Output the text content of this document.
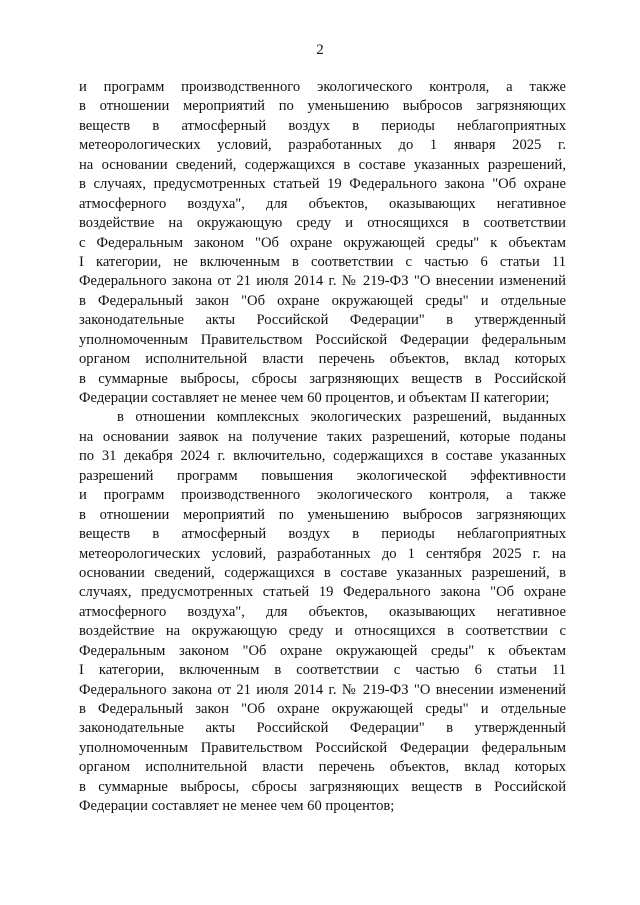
2
и программ производственного экологического контроля, а также
в отношении мероприятий по уменьшению выбросов загрязняющих
веществ в атмосферный воздух в периоды неблагоприятных
метеорологических условий, разработанных до 1 января 2025 г.
на основании сведений, содержащихся в составе указанных разрешений,
в случаях, предусмотренных статьей 19 Федерального закона "Об охране
атмосферного воздуха", для объектов, оказывающих негативное
воздействие на окружающую среду и относящихся в соответствии
с Федеральным законом "Об охране окружающей среды" к объектам
I категории, не включенным в соответствии с частью 6 статьи 11
Федерального закона от 21 июля 2014 г. № 219-ФЗ "О внесении изменений
в Федеральный закон "Об охране окружающей среды" и отдельные
законодательные акты Российской Федерации" в утвержденный
уполномоченным Правительством Российской Федерации федеральным
органом исполнительной власти перечень объектов, вклад которых
в суммарные выбросы, сбросы загрязняющих веществ в Российской
Федерации составляет не менее чем 60 процентов, и объектам II категории;
в отношении комплексных экологических разрешений, выданных
на основании заявок на получение таких разрешений, которые поданы
по 31 декабря 2024 г. включительно, содержащихся в составе указанных
разрешений программ повышения экологической эффективности
и программ производственного экологического контроля, а также
в отношении мероприятий по уменьшению выбросов загрязняющих
веществ в атмосферный воздух в периоды неблагоприятных
метеорологических условий, разработанных до 1 сентября 2025 г. на
основании сведений, содержащихся в составе указанных разрешений, в
случаях, предусмотренных статьей 19 Федерального закона "Об охране
атмосферного воздуха", для объектов, оказывающих негативное
воздействие на окружающую среду и относящихся в соответствии с
Федеральным законом "Об охране окружающей среды" к объектам
I категории, включенным в соответствии с частью 6 статьи 11
Федерального закона от 21 июля 2014 г. № 219-ФЗ "О внесении изменений
в Федеральный закон "Об охране окружающей среды" и отдельные
законодательные акты Российской Федерации" в утвержденный
уполномоченным Правительством Российской Федерации федеральным
органом исполнительной власти перечень объектов, вклад которых
в суммарные выбросы, сбросы загрязняющих веществ в Российской
Федерации составляет не менее чем 60 процентов;
